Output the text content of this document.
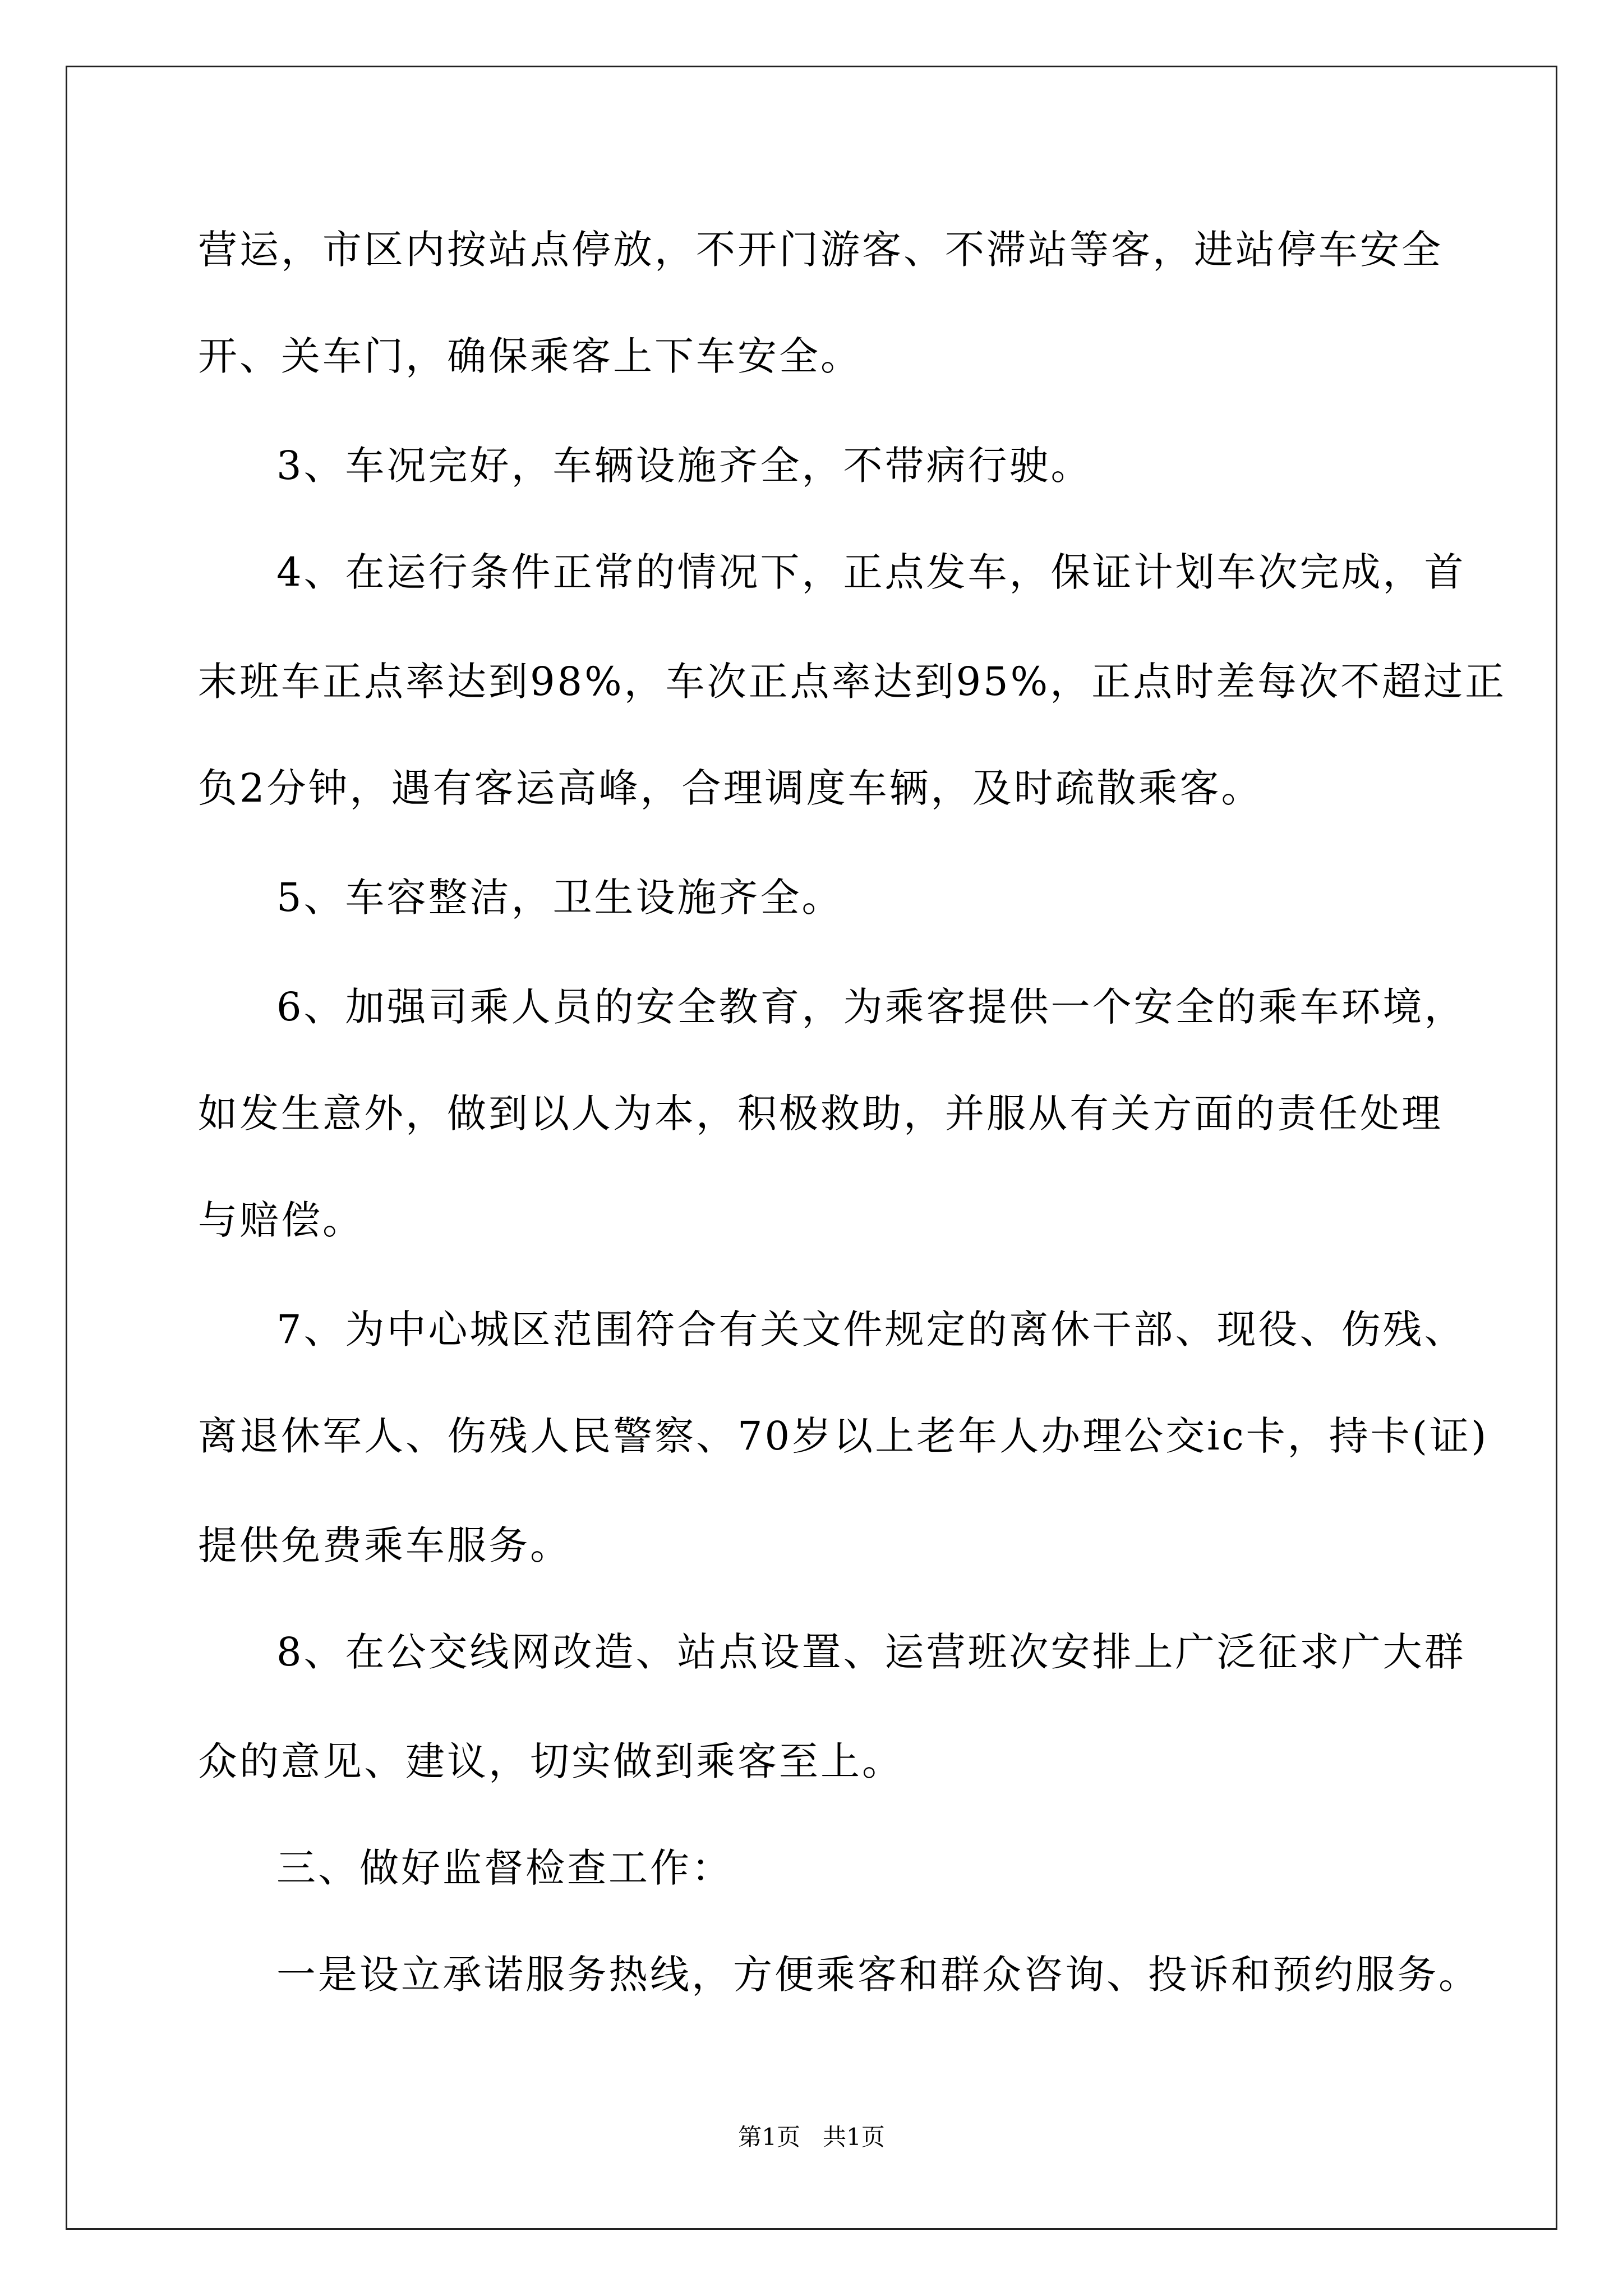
营运，市区内按站点停放，不开门游客、不滞站等客，进站停车安全
开、关车门，确保乘客上下车安全。
3、车况完好，车辆设施齐全，不带病行驶。
4、在运行条件正常的情况下，正点发车，保证计划车次完成，首
末班车正点率达到98%，车次正点率达到95%，正点时差每次不超过正
负2分钟，遇有客运高峰，合理调度车辆，及时疏散乘客。
5、车容整洁，卫生设施齐全。
6、加强司乘人员的安全教育，为乘客提供一个安全的乘车环境，
如发生意外，做到以人为本，积极救助，并服从有关方面的责任处理
与赔偿。
7、为中心城区范围符合有关文件规定的离休干部、现役、伤残、
离退休军人、伤残人民警察、70岁以上老年人办理公交ic卡，持卡(证)
提供免费乘车服务。
8、在公交线网改造、站点设置、运营班次安排上广泛征求广大群
众的意见、建议，切实做到乘客至上。
三、做好监督检查工作：
一是设立承诺服务热线，方便乘客和群众咨询、投诉和预约服务。
第1页 共1页
